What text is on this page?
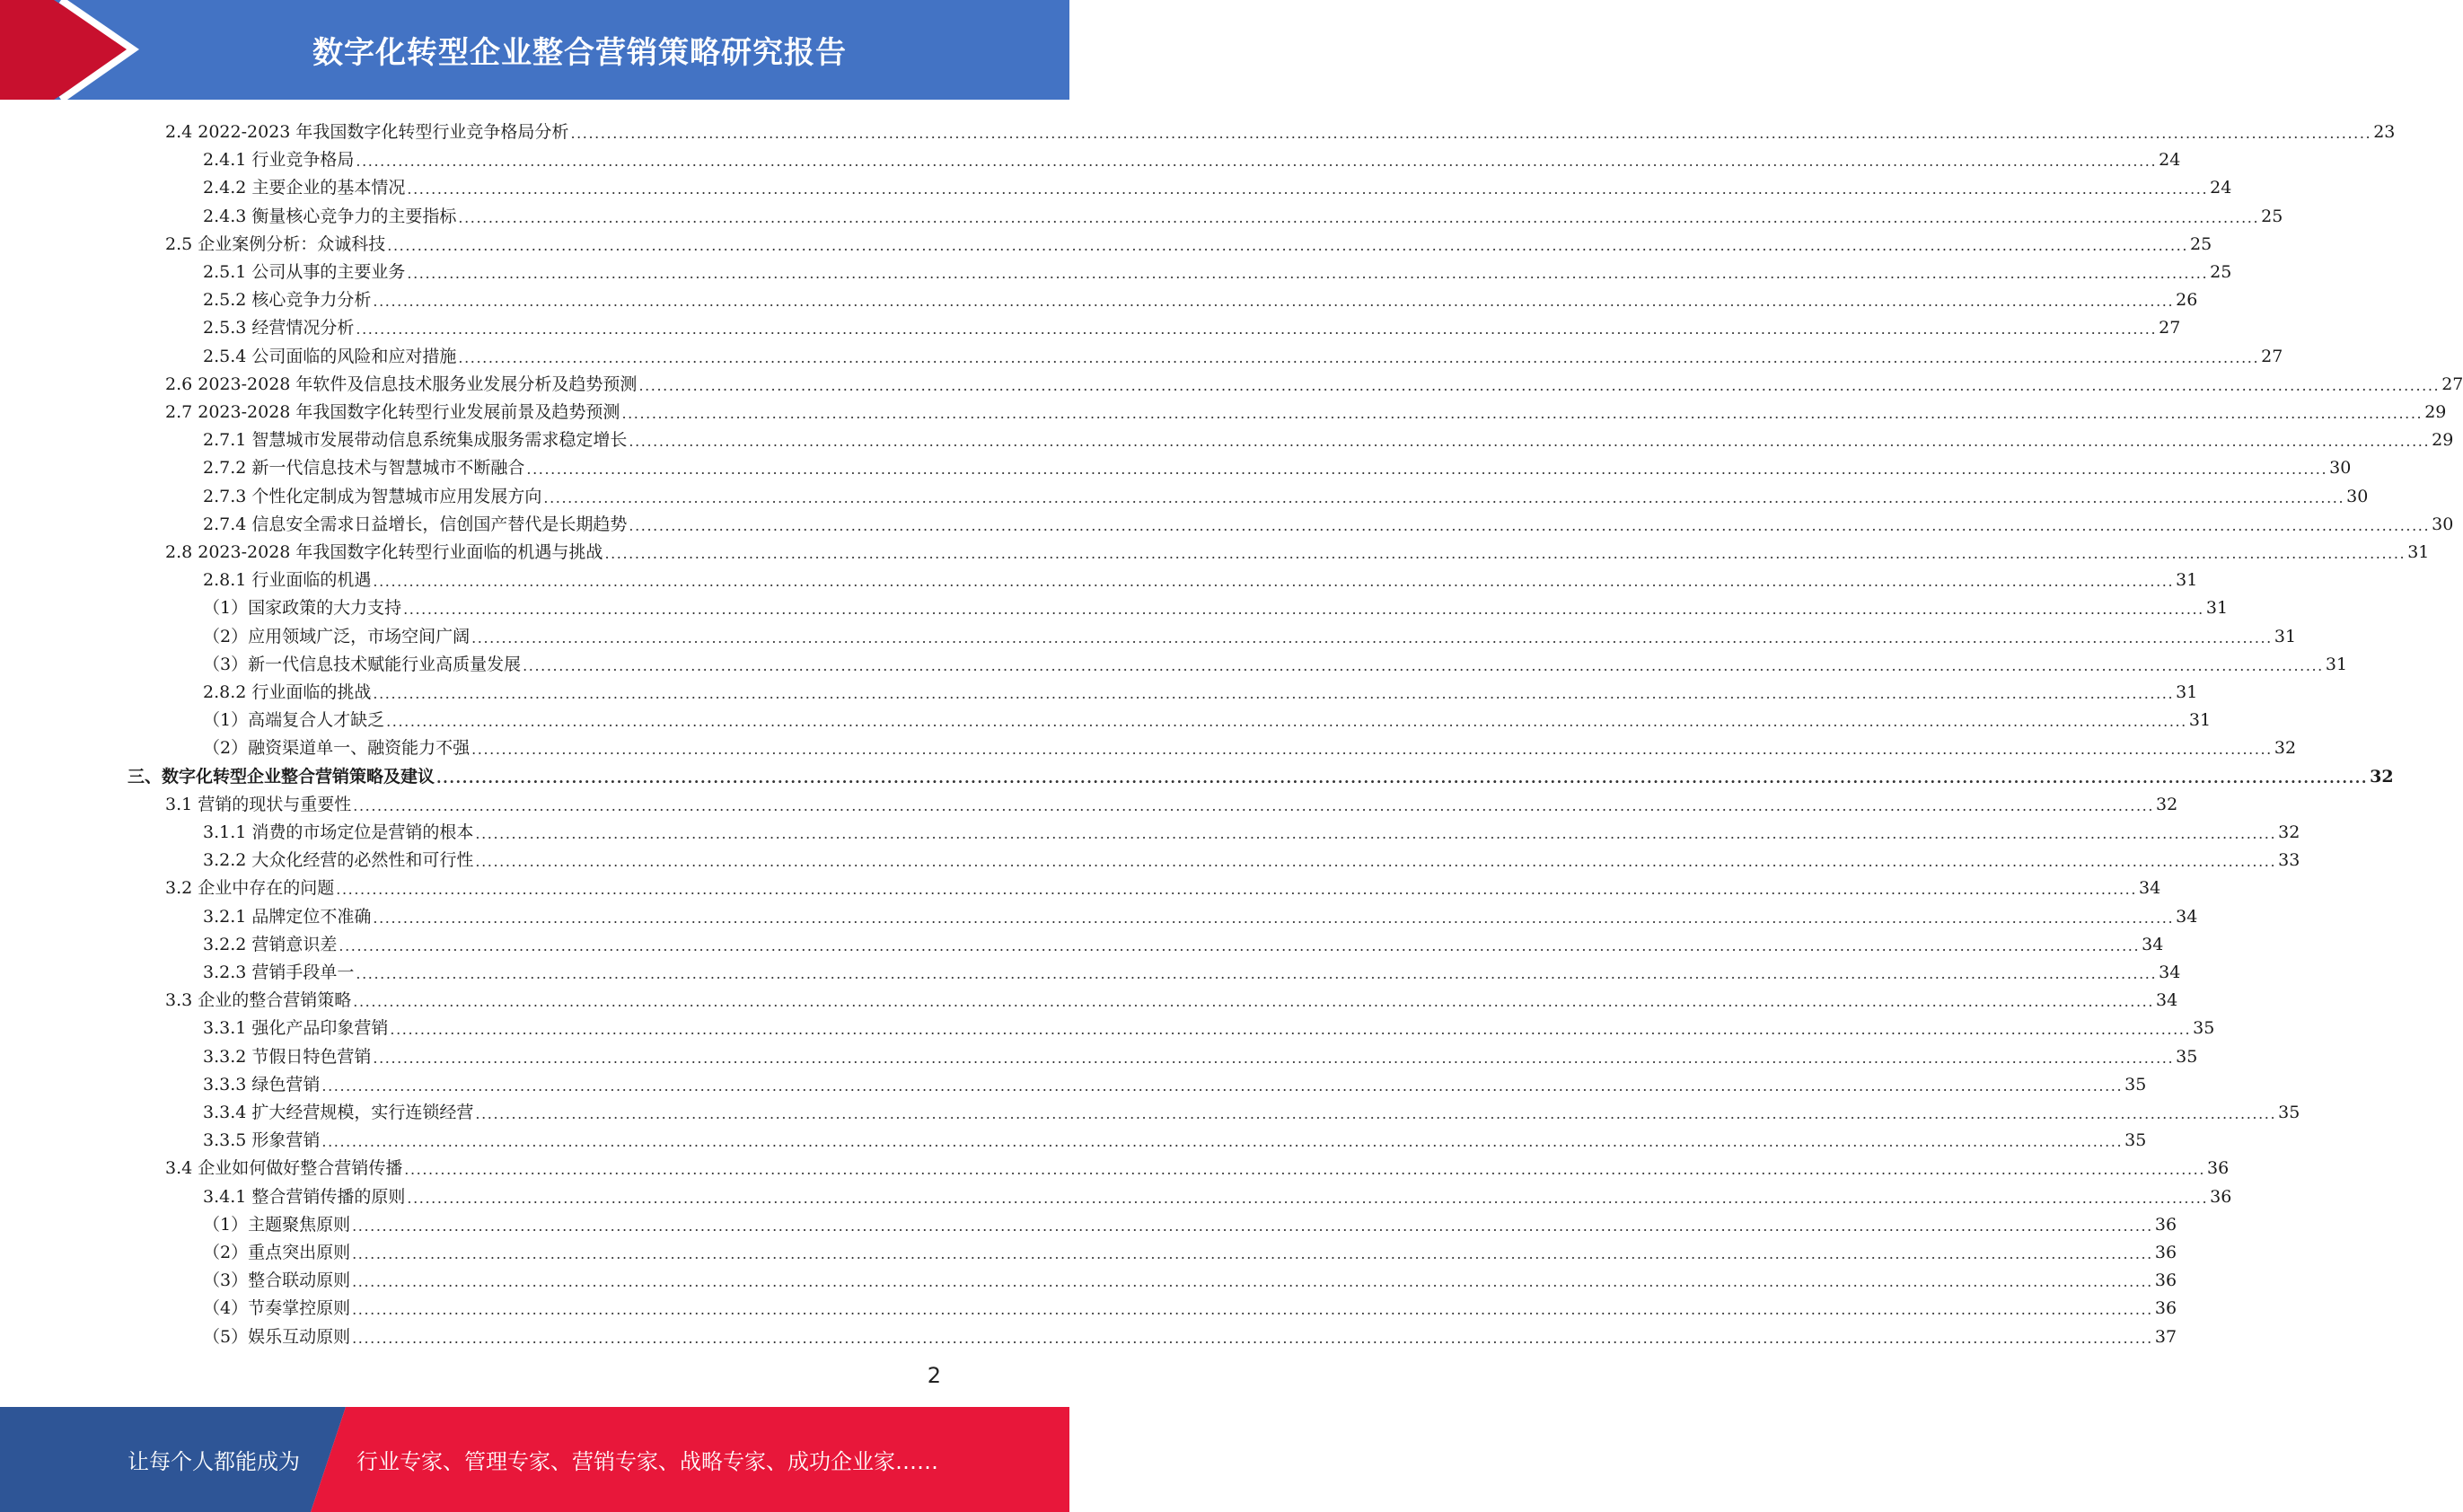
数字化转型企业整合营销策略研究报告
2.4 2022-2023 年我国数字化转型行业竞争格局分析 ............................................................................................................................................................................................................................................................................................................ 23
2.4.1 行业竞争格局 ............................................................................................................................................................................................................................................................................................................ 24
2.4.2 主要企业的基本情况 ............................................................................................................................................................................................................................................................................................................ 24
2.4.3 衡量核心竞争力的主要指标 ............................................................................................................................................................................................................................................................................................................ 25
2.5 企业案例分析：众诚科技 ............................................................................................................................................................................................................................................................................................................ 25
2.5.1 公司从事的主要业务 ............................................................................................................................................................................................................................................................................................................ 25
2.5.2 核心竞争力分析 ............................................................................................................................................................................................................................................................................................................ 26
2.5.3 经营情况分析 ............................................................................................................................................................................................................................................................................................................ 27
2.5.4 公司面临的风险和应对措施 ............................................................................................................................................................................................................................................................................................................ 27
2.6 2023-2028 年软件及信息技术服务业发展分析及趋势预测 ............................................................................................................................................................................................................................................................................................................ 27
2.7 2023-2028 年我国数字化转型行业发展前景及趋势预测 ............................................................................................................................................................................................................................................................................................................ 29
2.7.1 智慧城市发展带动信息系统集成服务需求稳定增长 ............................................................................................................................................................................................................................................................................................................ 29
2.7.2 新一代信息技术与智慧城市不断融合 ............................................................................................................................................................................................................................................................................................................ 30
2.7.3 个性化定制成为智慧城市应用发展方向 ............................................................................................................................................................................................................................................................................................................ 30
2.7.4 信息安全需求日益增长，信创国产替代是长期趋势 ............................................................................................................................................................................................................................................................................................................ 30
2.8 2023-2028 年我国数字化转型行业面临的机遇与挑战 ............................................................................................................................................................................................................................................................................................................ 31
2.8.1 行业面临的机遇 ............................................................................................................................................................................................................................................................................................................ 31
（1）国家政策的大力支持 ............................................................................................................................................................................................................................................................................................................ 31
（2）应用领域广泛，市场空间广阔 ............................................................................................................................................................................................................................................................................................................ 31
（3）新一代信息技术赋能行业高质量发展 ............................................................................................................................................................................................................................................................................................................ 31
2.8.2 行业面临的挑战 ............................................................................................................................................................................................................................................................................................................ 31
（1）高端复合人才缺乏 ............................................................................................................................................................................................................................................................................................................ 31
（2）融资渠道单一、融资能力不强 ............................................................................................................................................................................................................................................................................................................ 32
三、数字化转型企业整合营销策略及建议 ............................................................................................................................................................................................................................................................................................................ 32
3.1 营销的现状与重要性 ............................................................................................................................................................................................................................................................................................................ 32
3.1.1 消费的市场定位是营销的根本 ............................................................................................................................................................................................................................................................................................................ 32
3.2.2 大众化经营的必然性和可行性 ............................................................................................................................................................................................................................................................................................................ 33
3.2 企业中存在的问题 ............................................................................................................................................................................................................................................................................................................ 34
3.2.1 品牌定位不准确 ............................................................................................................................................................................................................................................................................................................ 34
3.2.2 营销意识差 ............................................................................................................................................................................................................................................................................................................ 34
3.2.3 营销手段单一 ............................................................................................................................................................................................................................................................................................................ 34
3.3 企业的整合营销策略 ............................................................................................................................................................................................................................................................................................................ 34
3.3.1 强化产品印象营销 ............................................................................................................................................................................................................................................................................................................ 35
3.3.2 节假日特色营销 ............................................................................................................................................................................................................................................................................................................ 35
3.3.3 绿色营销 ............................................................................................................................................................................................................................................................................................................ 35
3.3.4 扩大经营规模，实行连锁经营 ............................................................................................................................................................................................................................................................................................................ 35
3.3.5 形象营销 ............................................................................................................................................................................................................................................................................................................ 35
3.4 企业如何做好整合营销传播 ............................................................................................................................................................................................................................................................................................................ 36
3.4.1 整合营销传播的原则 ............................................................................................................................................................................................................................................................................................................ 36
（1）主题聚焦原则 ............................................................................................................................................................................................................................................................................................................ 36
（2）重点突出原则 ............................................................................................................................................................................................................................................................................................................ 36
（3）整合联动原则 ............................................................................................................................................................................................................................................................................................................ 36
（4）节奏掌控原则 ............................................................................................................................................................................................................................................................................................................ 36
（5）娱乐互动原则 ............................................................................................................................................................................................................................................................................................................ 37
2
让每个人都能成为	行业专家、管理专家、营销专家、战略专家、成功企业家……
